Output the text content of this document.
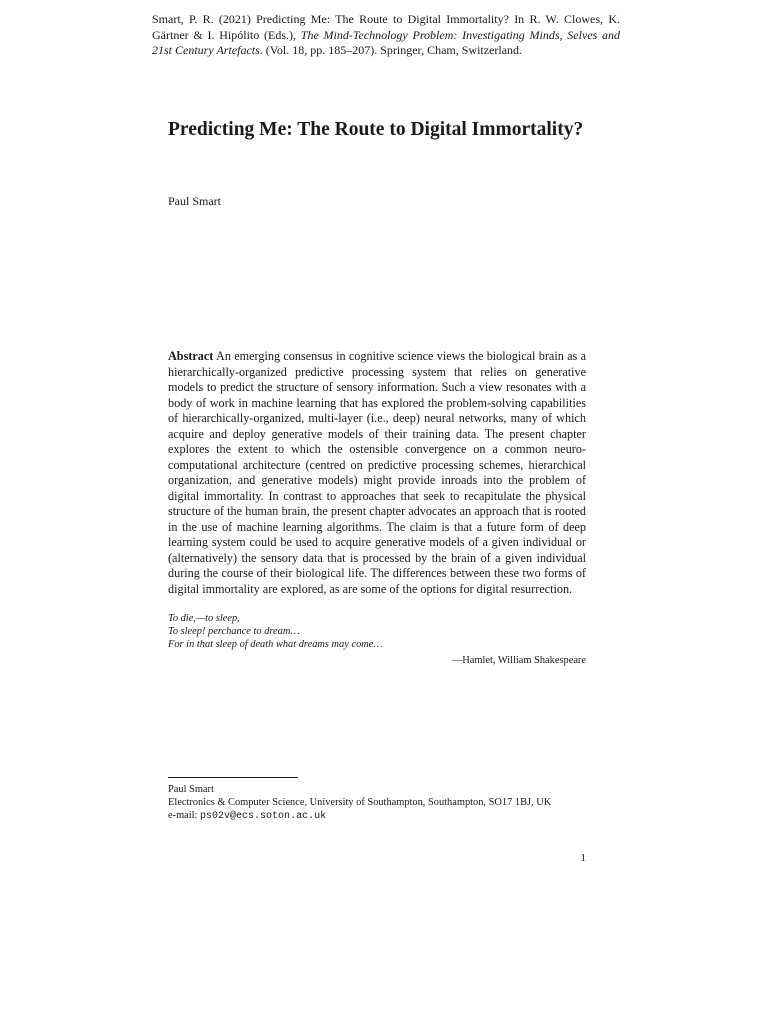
Smart, P. R. (2021) Predicting Me: The Route to Digital Immortality? In R. W. Clowes, K. Gärtner & I. Hipólito (Eds.), The Mind-Technology Problem: Investigating Minds, Selves and 21st Century Artefacts. (Vol. 18, pp. 185–207). Springer, Cham, Switzerland.
Predicting Me: The Route to Digital Immortality?
Paul Smart
Abstract An emerging consensus in cognitive science views the biological brain as a hierarchically-organized predictive processing system that relies on generative models to predict the structure of sensory information. Such a view resonates with a body of work in machine learning that has explored the problem-solving capabilities of hierarchically-organized, multi-layer (i.e., deep) neural networks, many of which acquire and deploy generative models of their training data. The present chapter explores the extent to which the ostensible convergence on a common neurocomputational architecture (centred on predictive processing schemes, hierarchical organization, and generative models) might provide inroads into the problem of digital immortality. In contrast to approaches that seek to recapitulate the physical structure of the human brain, the present chapter advocates an approach that is rooted in the use of machine learning algorithms. The claim is that a future form of deep learning system could be used to acquire generative models of a given individual or (alternatively) the sensory data that is processed by the brain of a given individual during the course of their biological life. The differences between these two forms of digital immortality are explored, as are some of the options for digital resurrection.
To die,—to sleep,
To sleep! perchance to dream…
For in that sleep of death what dreams may come…
—Hamlet, William Shakespeare
Paul Smart
Electronics & Computer Science, University of Southampton, Southampton, SO17 1BJ, UK
e-mail: ps02v@ecs.soton.ac.uk
1
